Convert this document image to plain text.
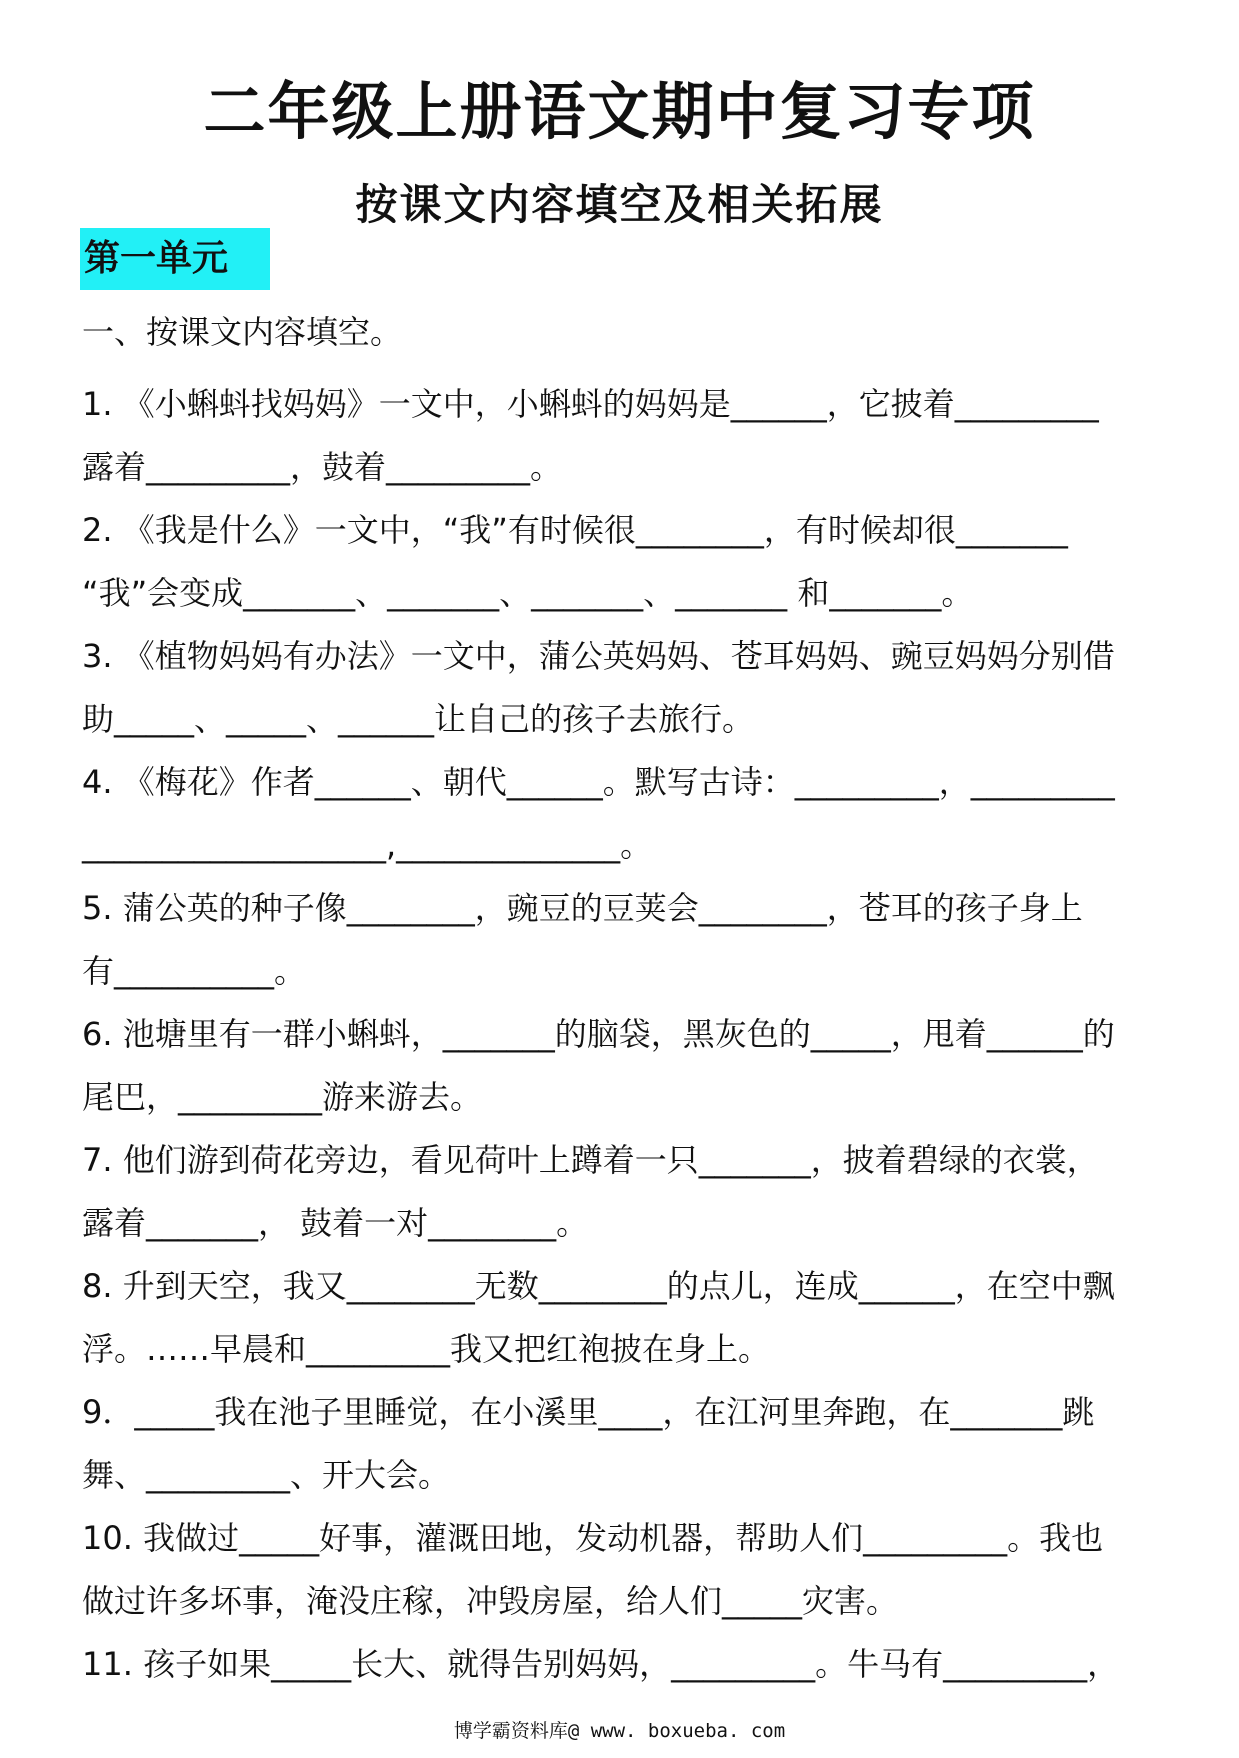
二年级上册语文期中复习专项
按课文内容填空及相关拓展
第一单元
一、按课文内容填空。

1. 《小蝌蚪找妈妈》一文中，小蝌蚪的妈妈是______，它披着_________

露着_________，鼓着_________。

2. 《我是什么》一文中，“我”有时候很________，有时候却很_______

“我”会变成_______、_______、_______、_______ 和_______。

3. 《植物妈妈有办法》一文中，蒲公英妈妈、苍耳妈妈、豌豆妈妈分别借

助_____、_____、______让自己的孩子去旅行。

4. 《梅花》作者______、朝代______。默写古诗：_________，_________

___________________,______________。

5. 蒲公英的种子像________，豌豆的豆荚会________，苍耳的孩子身上

有__________。

6. 池塘里有一群小蝌蚪，_______的脑袋，黑灰色的_____，甩着______的

尾巴，_________游来游去。

7. 他们游到荷花旁边，看见荷叶上蹲着一只_______，披着碧绿的衣裳，

露着_______， 鼓着一对________。

8. 升到天空，我又________无数________的点儿，连成______，在空中飘

浮。……早晨和_________我又把红袍披在身上。

9．_____我在池子里睡觉，在小溪里____，在江河里奔跑，在_______跳

舞、_________、开大会。

10. 我做过_____好事，灌溉田地，发动机器，帮助人们_________。我也

做过许多坏事，淹没庄稼，冲毁房屋，给人们_____灾害。

11. 孩子如果_____长大、就得告别妈妈，_________。牛马有_________，

博学霸资料库@ www. boxueba. com
